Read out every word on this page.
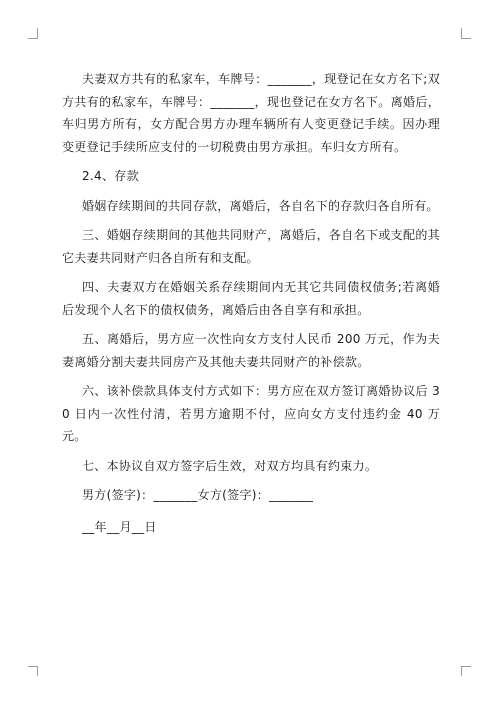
夫妻双方共有的私家车，车牌号：_______，现登记在女方名下;双方共有的私家车，车牌号：_______，现也登记在女方名下。离婚后，车归男方所有，女方配合男方办理车辆所有人变更登记手续。因办理变更登记手续所应支付的一切税费由男方承担。车归女方所有。

2.4、存款

婚姻存续期间的共同存款，离婚后，各自名下的存款归各自所有。

三、婚姻存续期间的其他共同财产，离婚后，各自名下或支配的其它夫妻共同财产归各自所有和支配。

四、夫妻双方在婚姻关系存续期间内无其它共同债权债务;若离婚后发现个人名下的债权债务，离婚后由各自享有和承担。

五、离婚后，男方应一次性向女方支付人民币 200 万元，作为夫妻离婚分割夫妻共同房产及其他夫妻共同财产的补偿款。

六、该补偿款具体支付方式如下：男方应在双方签订离婚协议后 30 日内一次性付清，若男方逾期不付，应向女方支付违约金 40 万元。

七、本协议自双方签字后生效，对双方均具有约束力。

男方(签字)：_______女方(签字)：_______

__年__月__日
